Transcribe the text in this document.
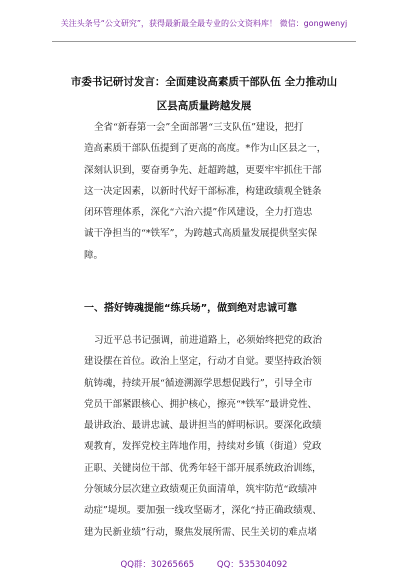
关注头条号“公文研究”，获得最新最全最专业的公文资料库！ 微信：gongwenyj
市委书记研讨发言：全面建设高素质干部队伍 全力推动山
区县高质量跨越发展
全省“新春第一会”全面部署“三支队伍”建设，把打
造高素质干部队伍提到了更高的高度。*作为山区县之一，
深刻认识到，要奋勇争先、赶超跨越，更要牢牢抓住干部
这一决定因素，以新时代好干部标准，构建政绩观全链条
闭环管理体系，深化“六治六提”作风建设，全力打造忠
诚干净担当的“*铁军”，为跨越式高质量发展提供坚实保
障。
一、搭好铸魂提能“练兵场”，做到绝对忠诚可靠
习近平总书记强调，前进道路上，必须始终把党的政治
建设摆在首位。政治上坚定，行动才自觉。要坚持政治领
航铸魂，持续开展“循迹溯源学思想促践行”，引导全市
党员干部紧跟核心、拥护核心，擦亮“*铁军”最讲党性、
最讲政治、最讲忠诚、最讲担当的鲜明标识。要深化政绩
观教育，发挥党校主阵地作用，持续对乡镇（街道）党政
正职、关键岗位干部、优秀年轻干部开展系统政治训练，
分领域分层次建立政绩观正负面清单，筑牢防范“政绩冲
动症”堤坝。要加强一线攻坚砺才，深化“持正确政绩观、
建为民新业绩”行动，聚焦发展所需、民生关切的难点堵
QQ群：30265665 QQ：535304092
